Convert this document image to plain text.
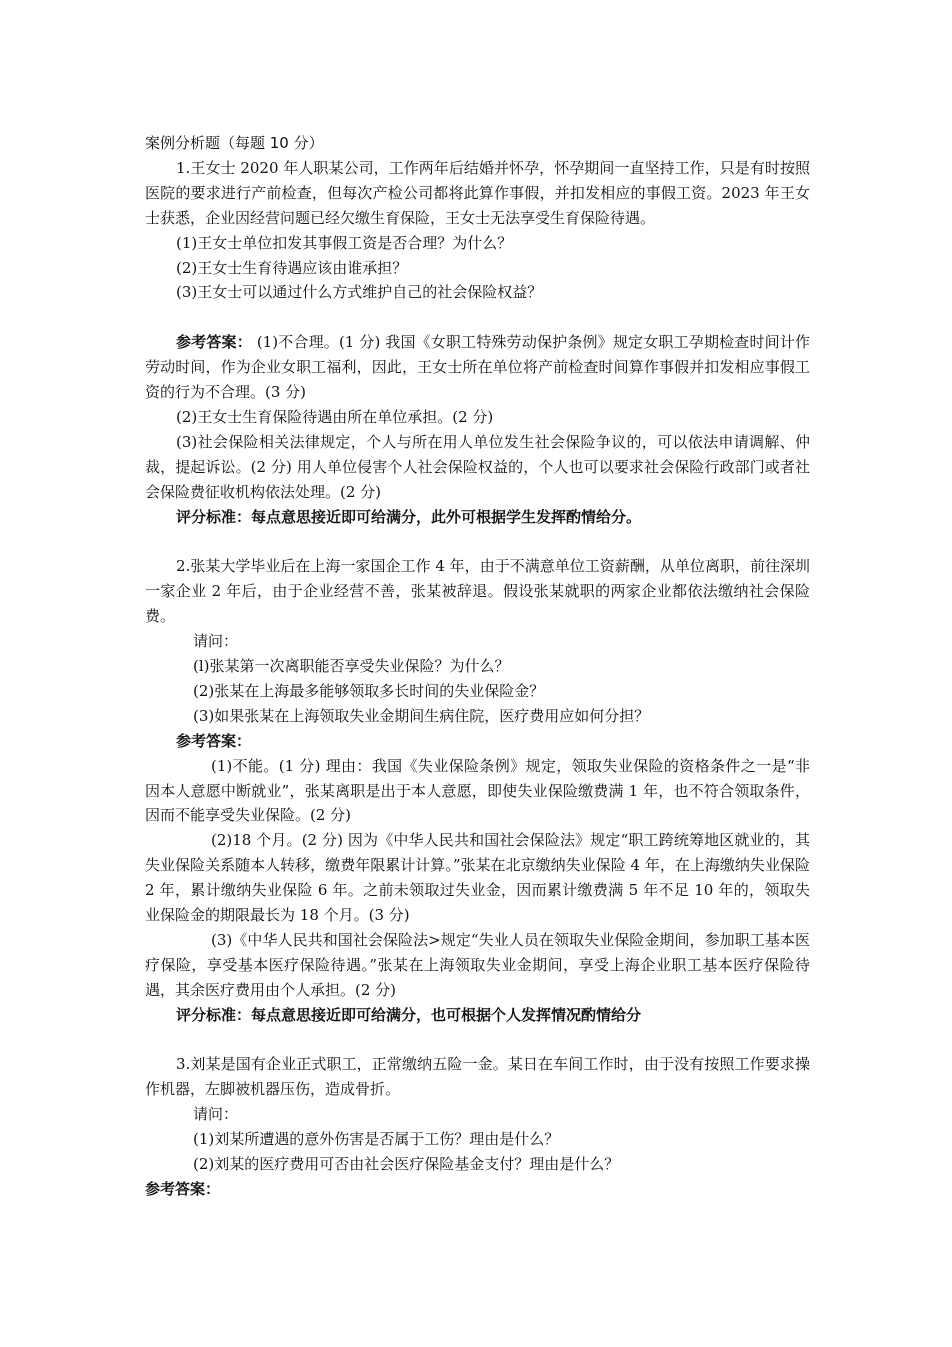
案例分析题（每题 10 分）

1.王女士 2020 年人职某公司，工作两年后结婚并怀孕，怀孕期间一直坚持工作，只是有时按照医院的要求进行产前检查，但每次产检公司都将此算作事假，并扣发相应的事假工资。2023 年王女士获悉，企业因经营问题已经欠缴生育保险，王女士无法享受生育保险待遇。

(1)王女士单位扣发其事假工资是否合理？为什么？

(2)王女士生育待遇应该由谁承担？

(3)王女士可以通过什么方式维护自己的社会保险权益？

参考答案： (1)不合理。(1 分) 我国《女职工特殊劳动保护条例》规定女职工孕期检查时间计作劳动时间，作为企业女职工福利，因此，王女士所在单位将产前检查时间算作事假并扣发相应事假工资的行为不合理。(3 分)

(2)王女士生育保险待遇由所在单位承担。(2 分)

(3)社会保险相关法律规定，个人与所在用人单位发生社会保险争议的，可以依法申请调解、仲裁，提起诉讼。(2 分) 用人单位侵害个人社会保险权益的，个人也可以要求社会保险行政部门或者社会保险费征收机构依法处理。(2 分)

评分标准：每点意思接近即可给满分，此外可根据学生发挥酌情给分。

2.张某大学毕业后在上海一家国企工作 4 年，由于不满意单位工资薪酬，从单位离职，前往深圳一家企业 2 年后，由于企业经营不善，张某被辞退。假设张某就职的两家企业都依法缴纳社会保险费。

请问：

(l)张某第一次离职能否享受失业保险？为什么？

(2)张某在上海最多能够领取多长时间的失业保险金？

(3)如果张某在上海领取失业金期间生病住院，医疗费用应如何分担？

参考答案：

(1)不能。(1 分) 理由：我国《失业保险条例》规定，领取失业保险的资格条件之一是“非因本人意愿中断就业”，张某离职是出于本人意愿，即使失业保险缴费满 1 年，也不符合领取条件，因而不能享受失业保险。(2 分)

(2)18 个月。(2 分) 因为《中华人民共和国社会保险法》规定“职工跨统筹地区就业的，其失业保险关系随本人转移，缴费年限累计计算。”张某在北京缴纳失业保险 4 年，在上海缴纳失业保险 2 年，累计缴纳失业保险 6 年。之前未领取过失业金，因而累计缴费满 5 年不足 10 年的，领取失业保险金的期限最长为 18 个月。(3 分)

(3)《中华人民共和国社会保险法>规定“失业人员在领取失业保险金期间，参加职工基本医疗保险，享受基本医疗保险待遇。”张某在上海领取失业金期间，享受上海企业职工基本医疗保险待遇，其余医疗费用由个人承担。(2 分)

评分标准：每点意思接近即可给满分，也可根据个人发挥情况酌情给分

3.刘某是国有企业正式职工，正常缴纳五险一金。某日在车间工作时，由于没有按照工作要求操作机器，左脚被机器压伤，造成骨折。

请问：

(1)刘某所遭遇的意外伤害是否属于工伤？理由是什么？

(2)刘某的医疗费用可否由社会医疗保险基金支付？理由是什么？

参考答案：
